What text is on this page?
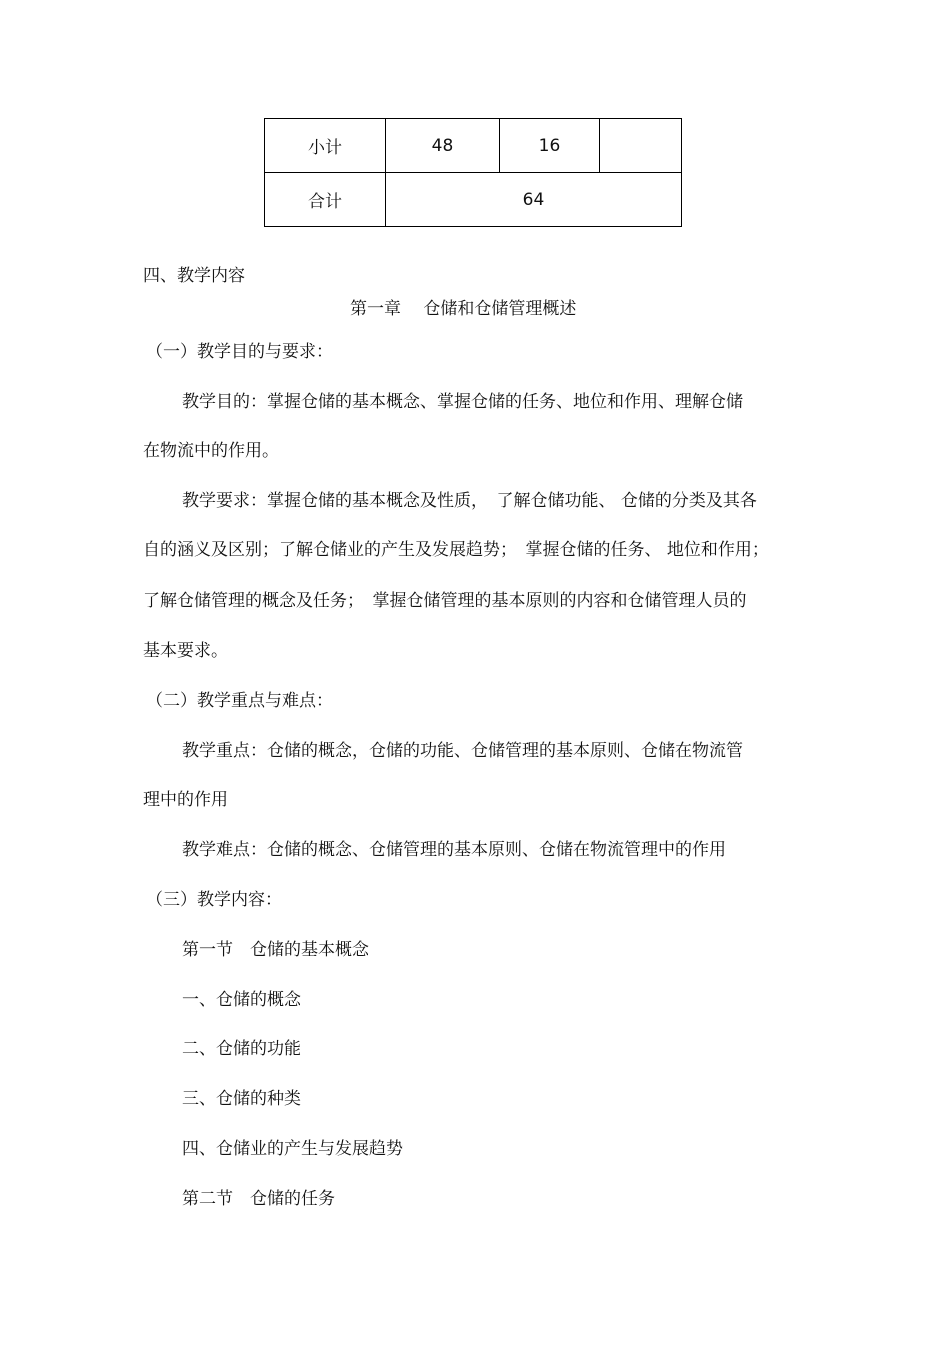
小计	48	16	
合计	64		
四、教学内容
第一章　 仓储和仓储管理概述
（一）教学目的与要求：
教学目的：掌握仓储的基本概念、掌握仓储的任务、地位和作用、理解仓储
在物流中的作用。
教学要求：掌握仓储的基本概念及性质，　了解仓储功能、 仓储的分类及其各
自的涵义及区别；了解仓储业的产生及发展趋势；　掌握仓储的任务、 地位和作用；
了解仓储管理的概念及任务；　掌握仓储管理的基本原则的内容和仓储管理人员的
基本要求。
（二）教学重点与难点：
教学重点：仓储的概念，仓储的功能、仓储管理的基本原则、仓储在物流管
理中的作用
教学难点：仓储的概念、仓储管理的基本原则、仓储在物流管理中的作用
（三）教学内容：
第一节　仓储的基本概念
一、仓储的概念
二、仓储的功能
三、仓储的种类
四、仓储业的产生与发展趋势
第二节　仓储的任务
